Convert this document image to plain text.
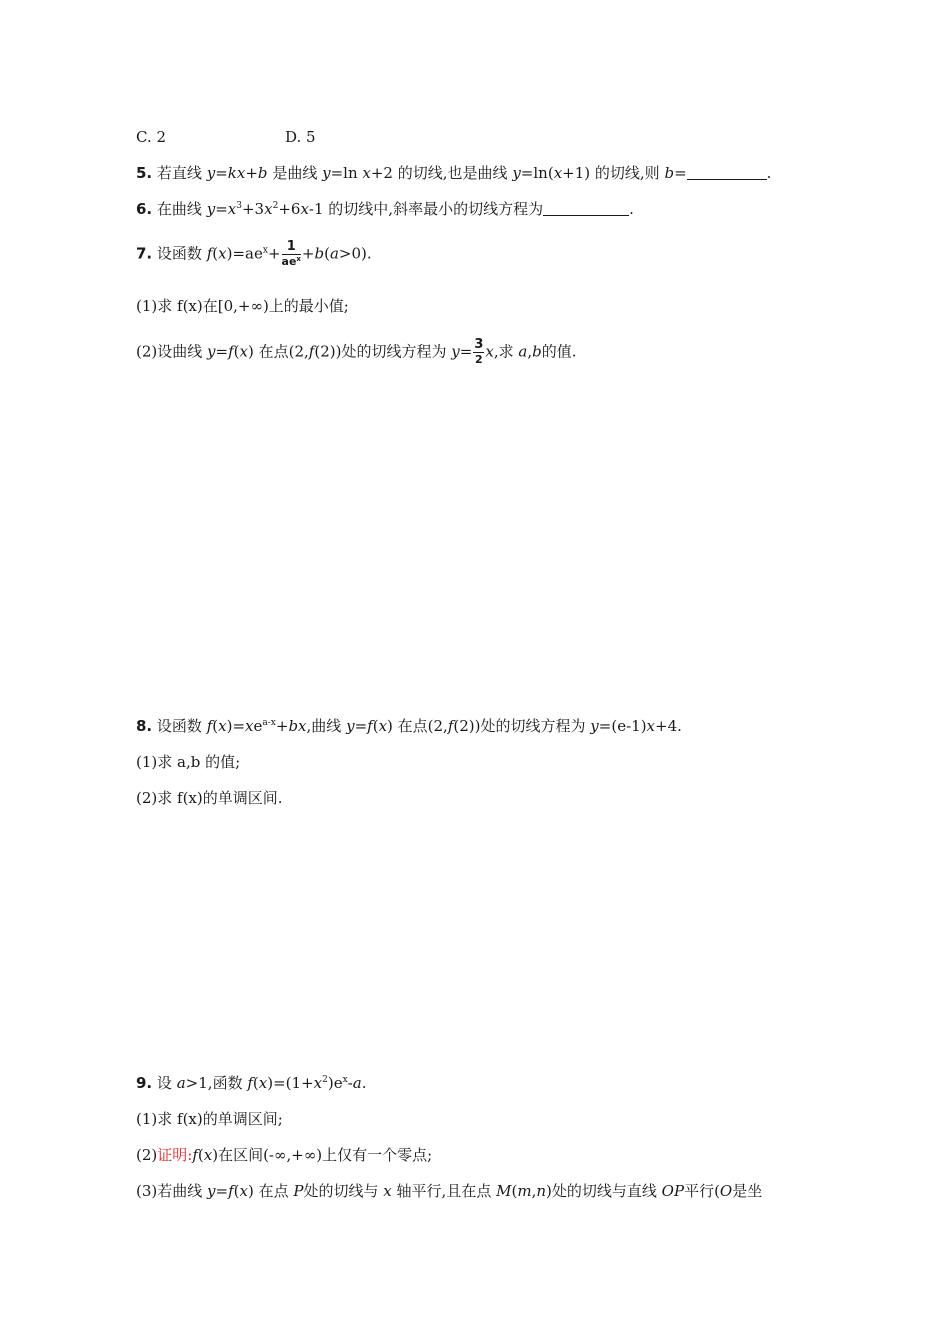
C. 2	D. 5
5. 若直线 y=kx+b 是曲线 y=ln x+2 的切线,也是曲线 y=ln(x+1) 的切线,则 b=	.
6. 在曲线 $y=x^3+3x^2+6x-1$ 的切线中,斜率最小的切线方程为	.
7. 设函数 $f(x)=ae^x+ \frac{1}{ae^x} +b(a>0)$.
(1)求 f(x)在[0,+∞)上的最小值;
(2)设曲线 y=f(x) 在点(2,f(2))处的切线方程为 $y= \frac{3}{2} x$,求 a,b的值.
8. 设函数 $f(x)=xe^{a-x}+bx$,曲线 y=f(x) 在点(2,f(2))处的切线方程为 y=(e-1)x+4.
(1)求 a,b 的值;
(2)求 f(x)的单调区间.
9. 设 a>1,函数 $f(x)=(1+x^2)e^x-a$.
(1)求 f(x)的单调区间;
(2)证明:f(x)在区间(-∞,+∞)上仅有一个零点;
(3)若曲线 y=f(x) 在点 P处的切线与 x 轴平行,且在点 M(m,n)处的切线与直线 OP平行(O是坐
